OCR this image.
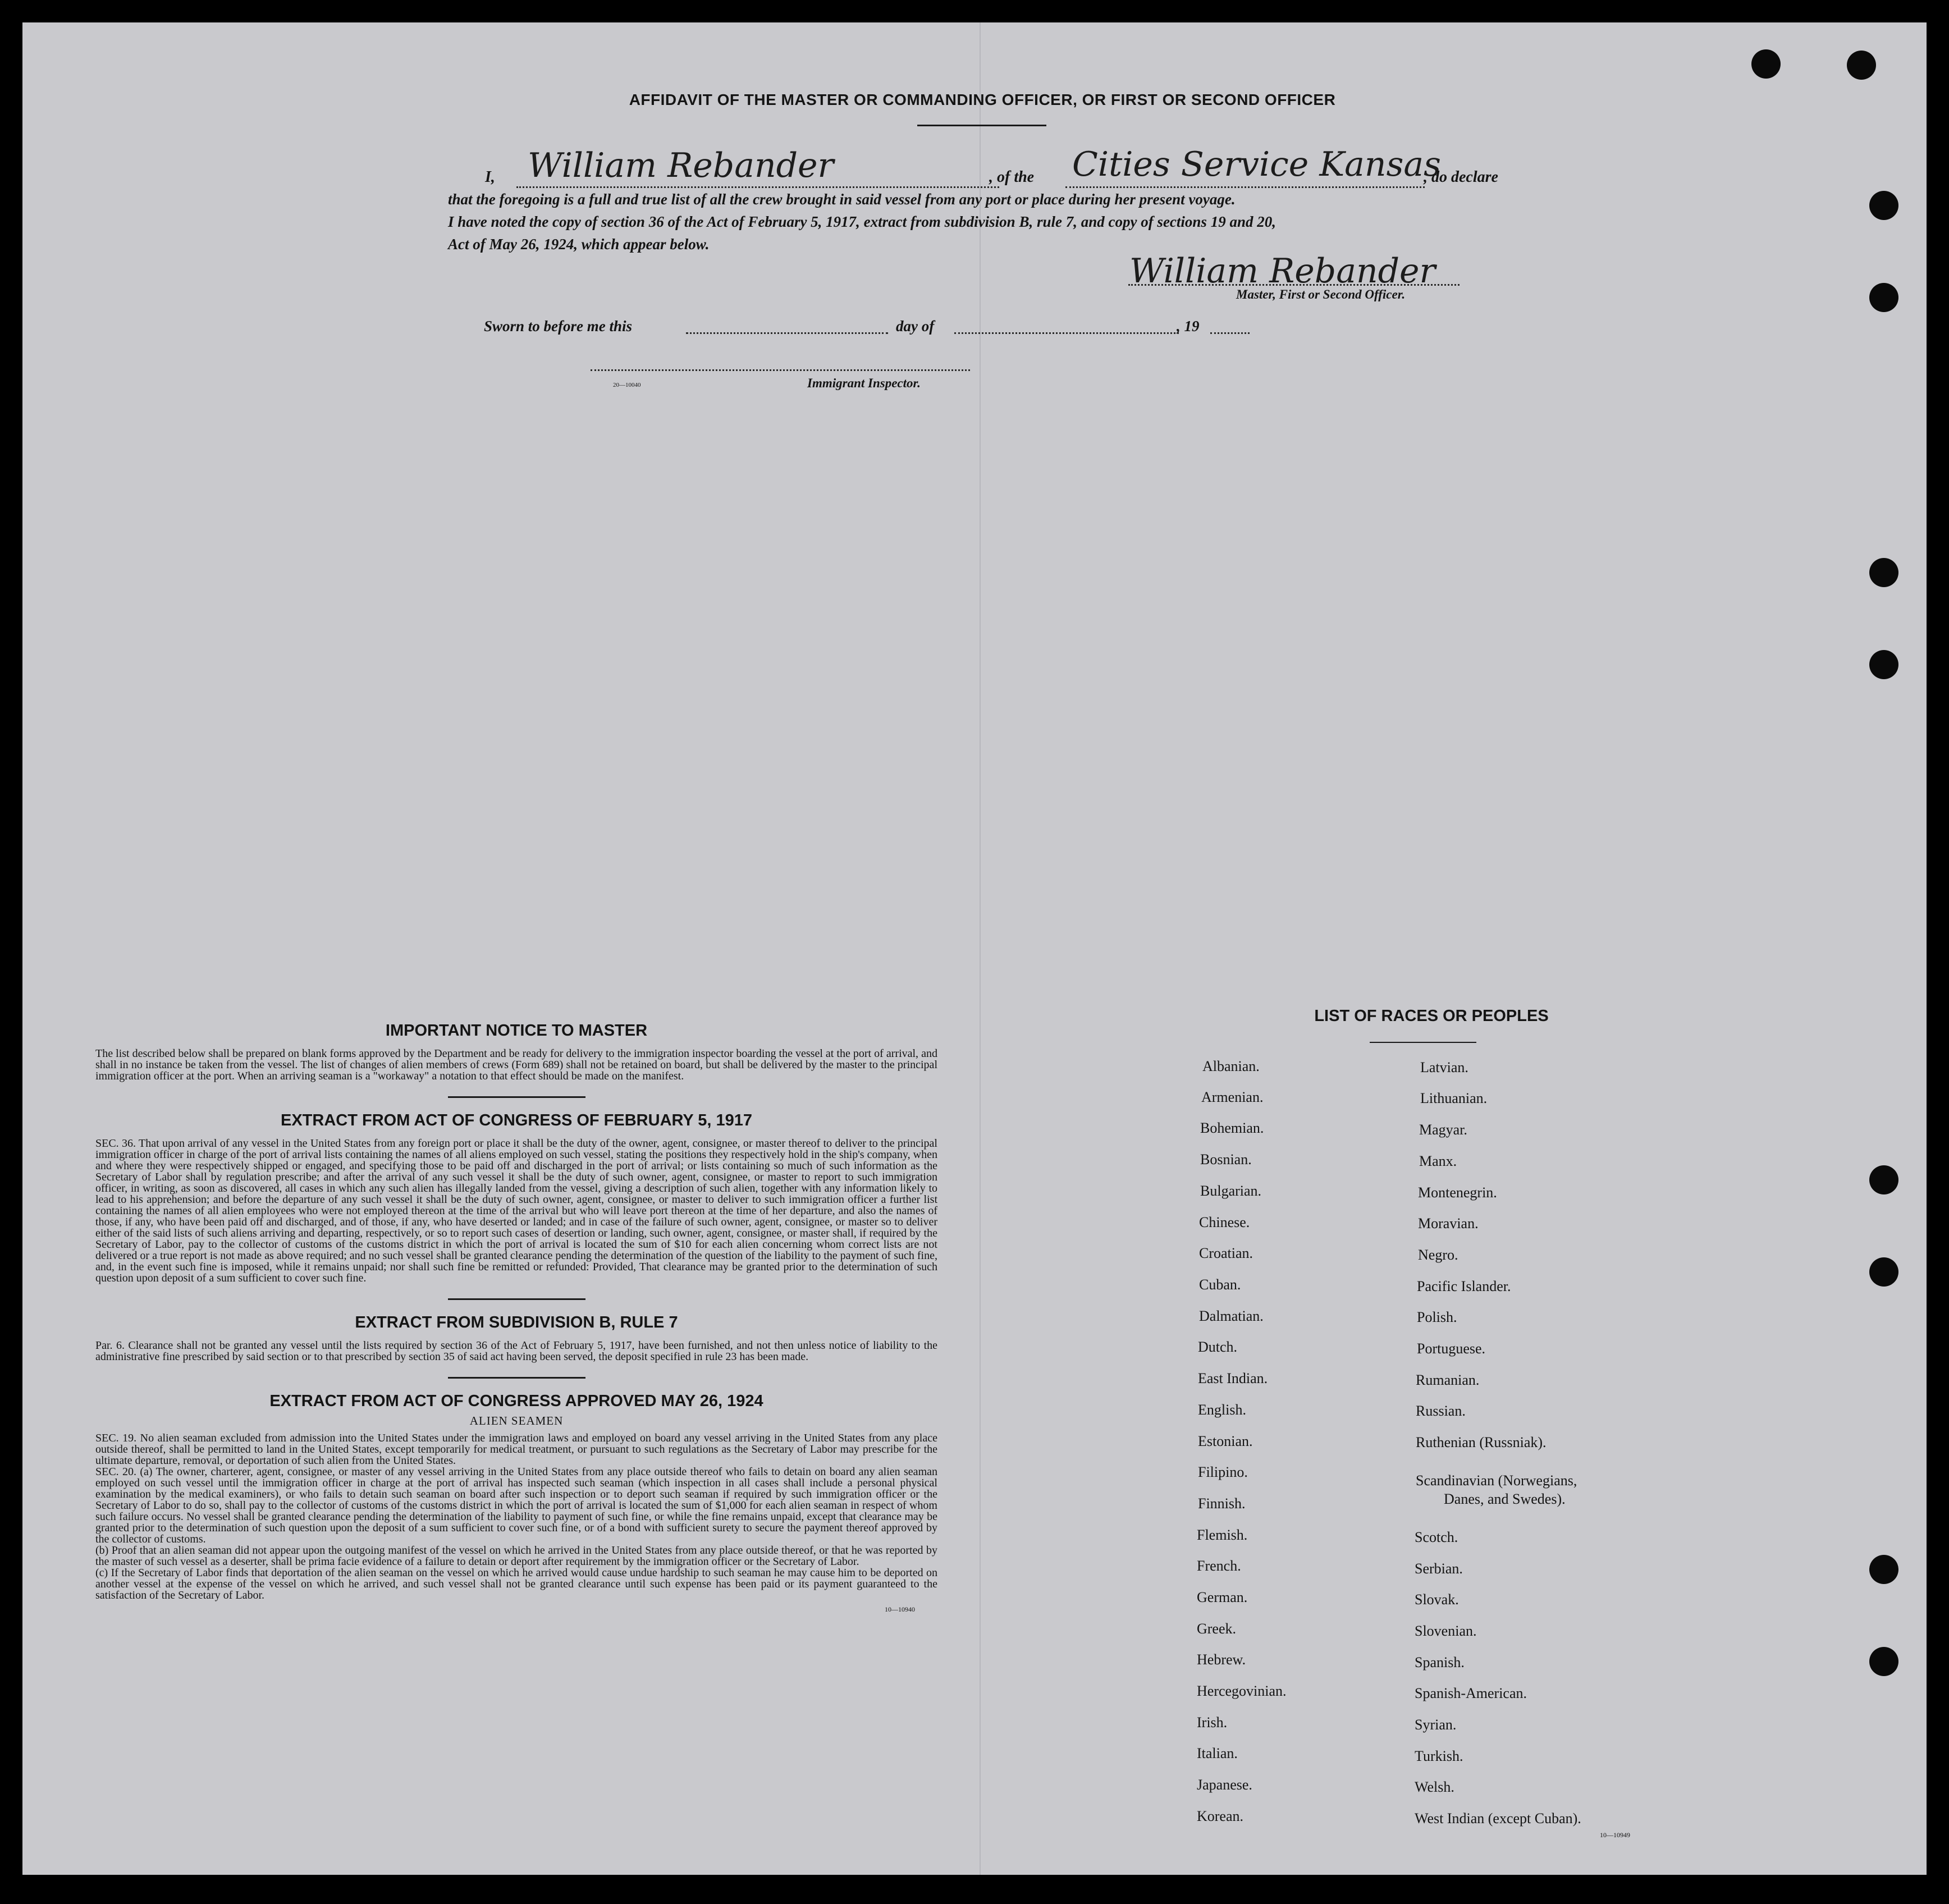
AFFIDAVIT OF THE MASTER OR COMMANDING OFFICER, OR FIRST OR SECOND OFFICER
I, William Rebander	, of the Cities Service Kansas
, do declare
that the foregoing is a full and true list of all the crew brought in said vessel from any port or place during her present voyage.
I have noted the copy of section 36 of the Act of February 5, 1917, extract from subdivision B, rule 7, and copy of sections 19 and 20,
Act of May 26, 1924, which appear below.
William Rebander
Master, First or Second Officer.
Sworn to before me this	day of	, 19
20—10040	Immigrant Inspector.

IMPORTANT NOTICE TO MASTER

The list described below shall be prepared on blank forms approved by the Department and be ready for delivery to the immigration inspector boarding the vessel at the port of arrival, and shall in no instance be taken from the vessel. The list of changes of alien members of crews (Form 689) shall not be retained on board, but shall be delivered by the master to the principal immigration officer at the port. When an arriving seaman is a "workaway" a notation to that effect should be made on the manifest.

EXTRACT FROM ACT OF CONGRESS OF FEBRUARY 5, 1917

SEC. 36. That upon arrival of any vessel in the United States from any foreign port or place it shall be the duty of the owner, agent, consignee, or master thereof to deliver to the principal immigration officer in charge of the port of arrival lists containing the names of all aliens employed on such vessel, stating the positions they respectively hold in the ship's company, when and where they were respectively shipped or engaged, and specifying those to be paid off and discharged in the port of arrival; or lists containing so much of such information as the Secretary of Labor shall by regulation prescribe; and after the arrival of any such vessel it shall be the duty of such owner, agent, consignee, or master to report to such immigration officer, in writing, as soon as discovered, all cases in which any such alien has illegally landed from the vessel, giving a description of such alien, together with any information likely to lead to his apprehension; and before the departure of any such vessel it shall be the duty of such owner, agent, consignee, or master to deliver to such immigration officer a further list containing the names of all alien employees who were not employed thereon at the time of the arrival but who will leave port thereon at the time of her departure, and also the names of those, if any, who have been paid off and discharged, and of those, if any, who have deserted or landed; and in case of the failure of such owner, agent, consignee, or master so to deliver either of the said lists of such aliens arriving and departing, respectively, or so to report such cases of desertion or landing, such owner, agent, consignee, or master shall, if required by the Secretary of Labor, pay to the collector of customs of the customs district in which the port of arrival is located the sum of $10 for each alien concerning whom correct lists are not delivered or a true report is not made as above required; and no such vessel shall be granted clearance pending the determination of the question of the liability to the payment of such fine, and, in the event such fine is imposed, while it remains unpaid; nor shall such fine be remitted or refunded: Provided, That clearance may be granted prior to the determination of such question upon deposit of a sum sufficient to cover such fine.

EXTRACT FROM SUBDIVISION B, RULE 7

Par. 6. Clearance shall not be granted any vessel until the lists required by section 36 of the Act of February 5, 1917, have been furnished, and not then unless notice of liability to the administrative fine prescribed by said section or to that prescribed by section 35 of said act having been served, the deposit specified in rule 23 has been made.

EXTRACT FROM ACT OF CONGRESS APPROVED MAY 26, 1924

ALIEN SEAMEN

SEC. 19. No alien seaman excluded from admission into the United States under the immigration laws and employed on board any vessel arriving in the United States from any place outside thereof, shall be permitted to land in the United States, except temporarily for medical treatment, or pursuant to such regulations as the Secretary of Labor may prescribe for the ultimate departure, removal, or deportation of such alien from the United States.

SEC. 20. (a) The owner, charterer, agent, consignee, or master of any vessel arriving in the United States from any place outside thereof who fails to detain on board any alien seaman employed on such vessel until the immigration officer in charge at the port of arrival has inspected such seaman (which inspection in all cases shall include a personal physical examination by the medical examiners), or who fails to detain such seaman on board after such inspection or to deport such seaman if required by such immigration officer or the Secretary of Labor to do so, shall pay to the collector of customs of the customs district in which the port of arrival is located the sum of $1,000 for each alien seaman in respect of whom such failure occurs. No vessel shall be granted clearance pending the determination of the liability to payment of such fine, or while the fine remains unpaid, except that clearance may be granted prior to the determination of such question upon the deposit of a sum sufficient to cover such fine, or of a bond with sufficient surety to secure the payment thereof approved by the collector of customs.

(b) Proof that an alien seaman did not appear upon the outgoing manifest of the vessel on which he arrived in the United States from any place outside thereof, or that he was reported by the master of such vessel as a deserter, shall be prima facie evidence of a failure to detain or deport after requirement by the immigration officer or the Secretary of Labor.

(c) If the Secretary of Labor finds that deportation of the alien seaman on the vessel on which he arrived would cause undue hardship to such seaman he may cause him to be deported on another vessel at the expense of the vessel on which he arrived, and such vessel shall not be granted clearance until such expense has been paid or its payment guaranteed to the satisfaction of the Secretary of Labor.

10—10940

LIST OF RACES OR PEOPLES
Albanian.
Armenian.
Bohemian.
Bosnian.
Bulgarian.
Chinese.
Croatian.
Cuban.
Dalmatian.
Dutch.
East Indian.
English.
Estonian.
Filipino.
Finnish.
Flemish.
French.
German.
Greek.
Hebrew.
Hercegovinian.
Irish.
Italian.
Japanese.
Korean.
Latvian.
Lithuanian.
Magyar.
Manx.
Montenegrin.
Moravian.
Negro.
Pacific Islander.
Polish.
Portuguese.
Rumanian.
Russian.
Ruthenian (Russniak).
Scandinavian (Norwegians,
Danes, and Swedes).
Scotch.
Serbian.
Slovak.
Slovenian.
Spanish.
Spanish-American.
Syrian.
Turkish.
Welsh.
West Indian (except Cuban).
10—10949
